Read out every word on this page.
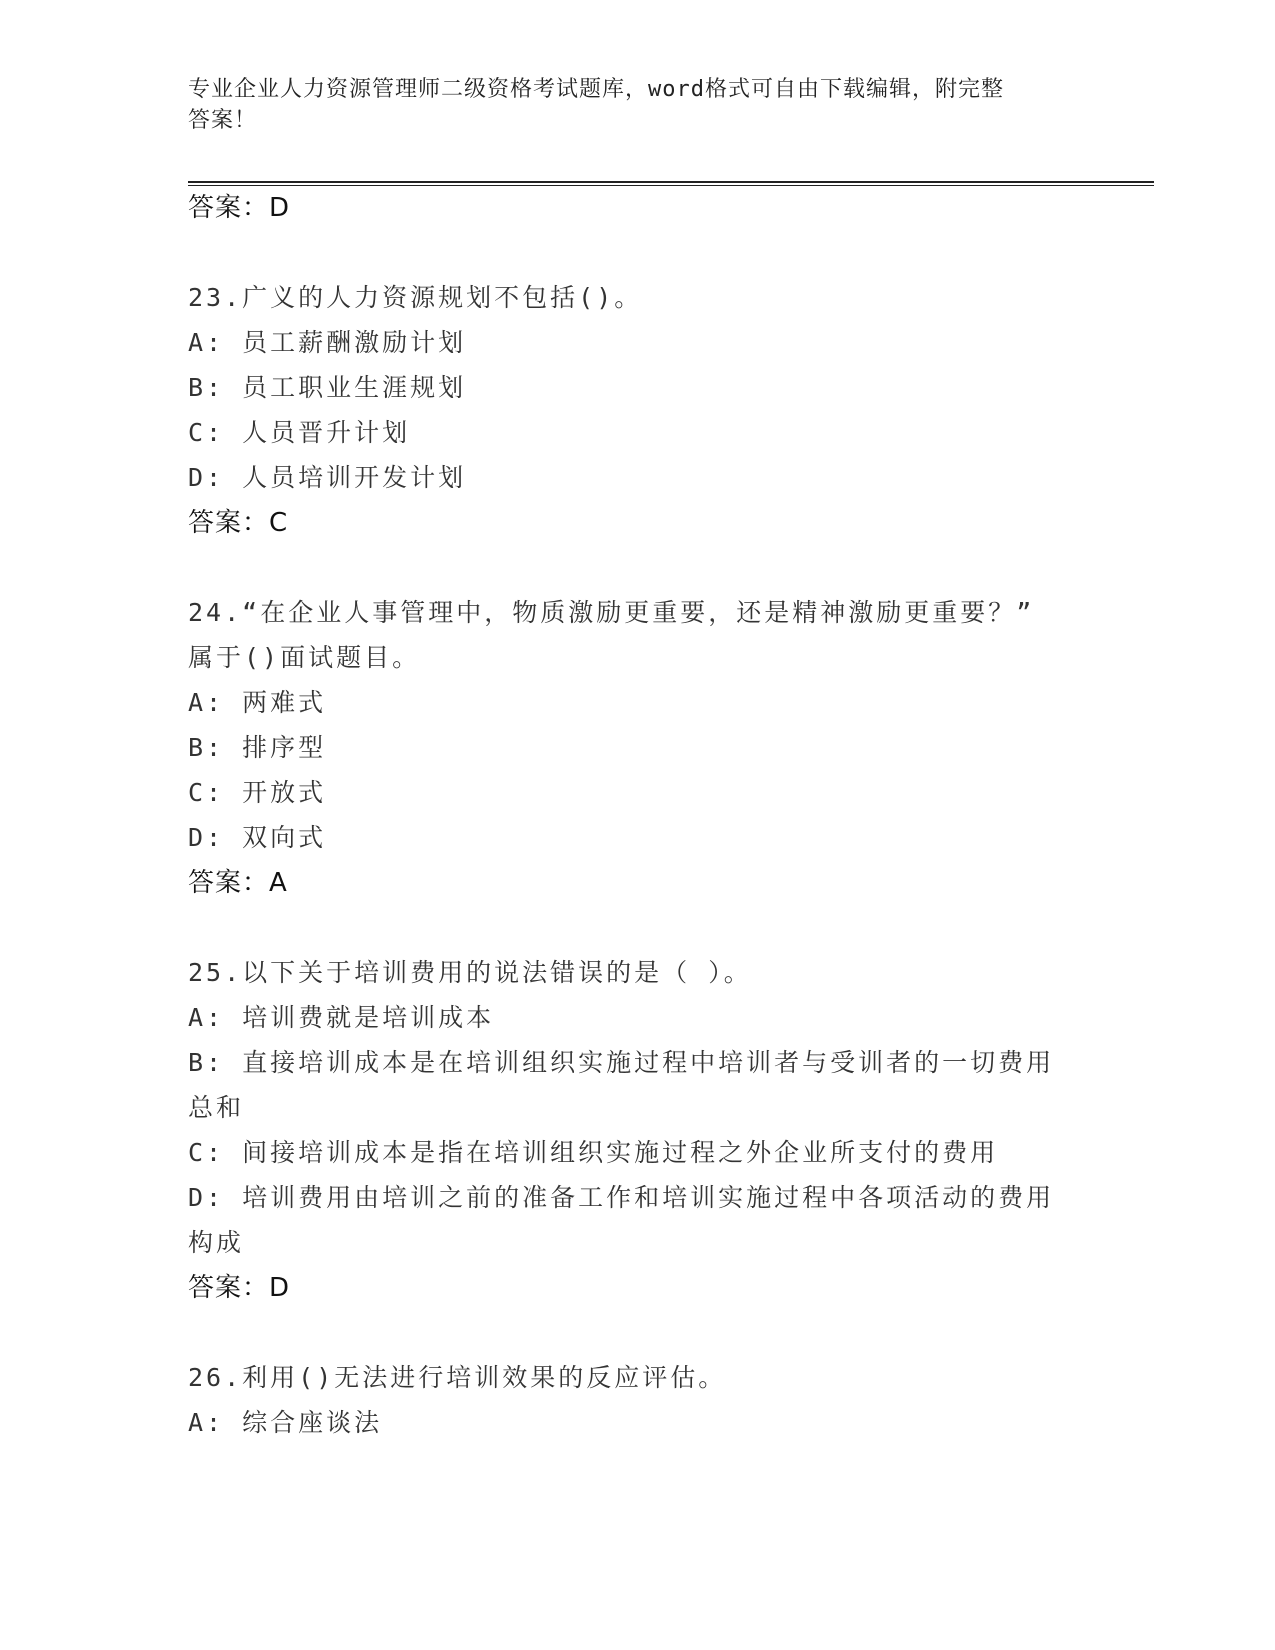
专业企业人力资源管理师二级资格考试题库，word格式可自由下载编辑，附完整
答案！
答案：D
23.广义的人力资源规划不包括()。
A: 员工薪酬激励计划
B: 员工职业生涯规划
C: 人员晋升计划
D: 人员培训开发计划
答案：C
24.“在企业人事管理中，物质激励更重要，还是精神激励更重要？”
属于()面试题目。
A: 两难式
B: 排序型
C: 开放式
D: 双向式
答案：A
25.以下关于培训费用的说法错误的是（ ）。
A: 培训费就是培训成本
B: 直接培训成本是在培训组织实施过程中培训者与受训者的一切费用
总和
C: 间接培训成本是指在培训组织实施过程之外企业所支付的费用
D: 培训费用由培训之前的准备工作和培训实施过程中各项活动的费用
构成
答案：D
26.利用()无法进行培训效果的反应评估。
A: 综合座谈法
